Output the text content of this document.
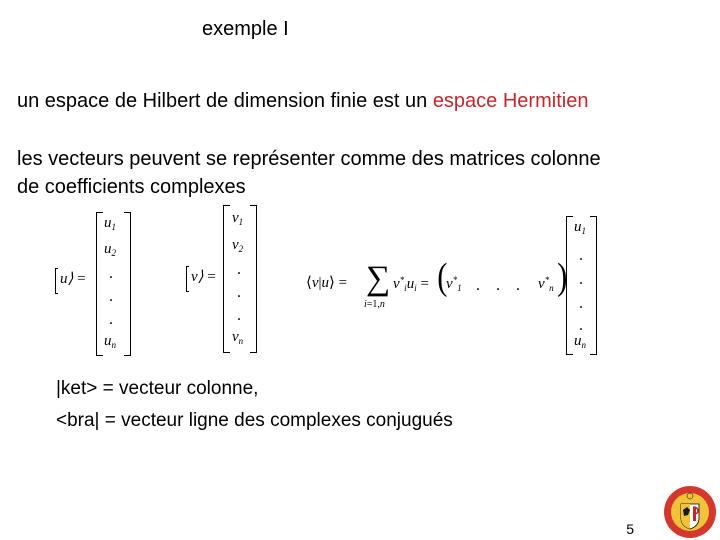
exemple I
un espace de Hilbert de dimension finie est un espace Hermitien
les vecteurs peuvent se représenter comme des matrices colonne
de coefficients complexes
u⟩ =
$u_1$
$u_2$
.
.
.
$u_n$
v⟩ =
$v_1$
$v_2$
.
.
.
$v_n$
⟨v|u⟩ = ∑
i=1,n
$v^*_iu_i$ = (
$v^*_1$ . . . $v^*_n$ )
$u_1$
.
.
.
.
$u_n$
|ket> = vecteur colonne,
<bra| = vecteur ligne des complexes conjugués
5
